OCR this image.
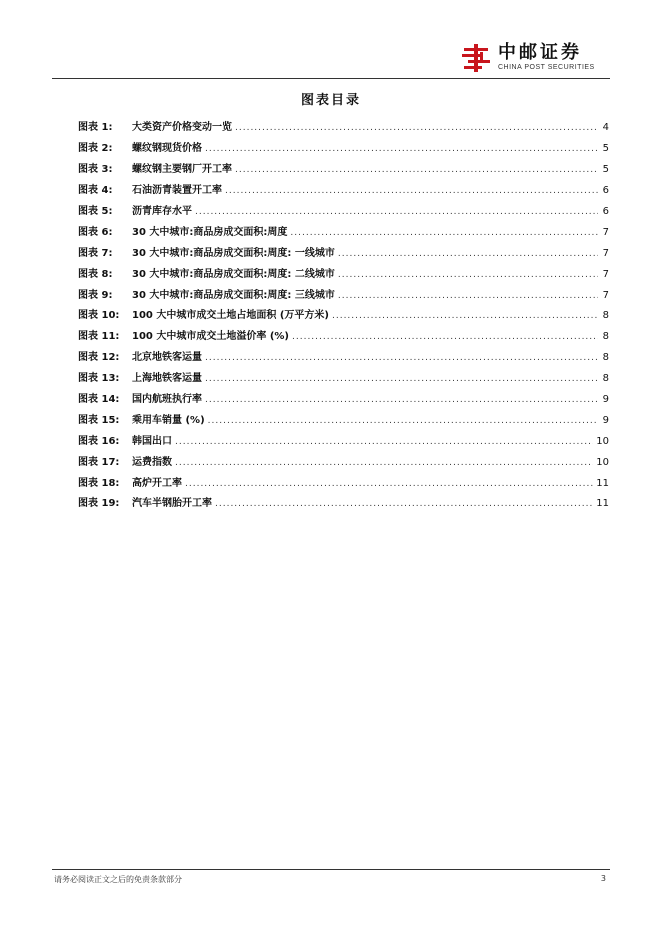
中邮证券
CHINA POST SECURITIES
图表目录
图表 1:	大类资产价格变动一览 .....	4
图表 2:	螺纹钢现货价格 .....	5
图表 3:	螺纹钢主要钢厂开工率 .....	5
图表 4:	石油沥青装置开工率 .....	6
图表 5:	沥青库存水平 .....	6
图表 6:	30 大中城市:商品房成交面积:周度 .....	7
图表 7:	30 大中城市:商品房成交面积:周度: 一线城市 .....	7
图表 8:	30 大中城市:商品房成交面积:周度: 二线城市 .....	7
图表 9:	30 大中城市:商品房成交面积:周度: 三线城市 .....	7
图表 10:	100 大中城市成交土地占地面积 (万平方米) .....	8
图表 11:	100 大中城市成交土地溢价率 (%) .....	8
图表 12:	北京地铁客运量 .....	8
图表 13:	上海地铁客运量 .....	8
图表 14:	国内航班执行率 .....	9
图表 15:	乘用车销量 (%) .....	9
图表 16:	韩国出口 .....	10
图表 17:	运费指数 .....	10
图表 18:	高炉开工率 .....	11
图表 19:	汽车半钢胎开工率 .....	11
请务必阅读正文之后的免责条款部分	3
